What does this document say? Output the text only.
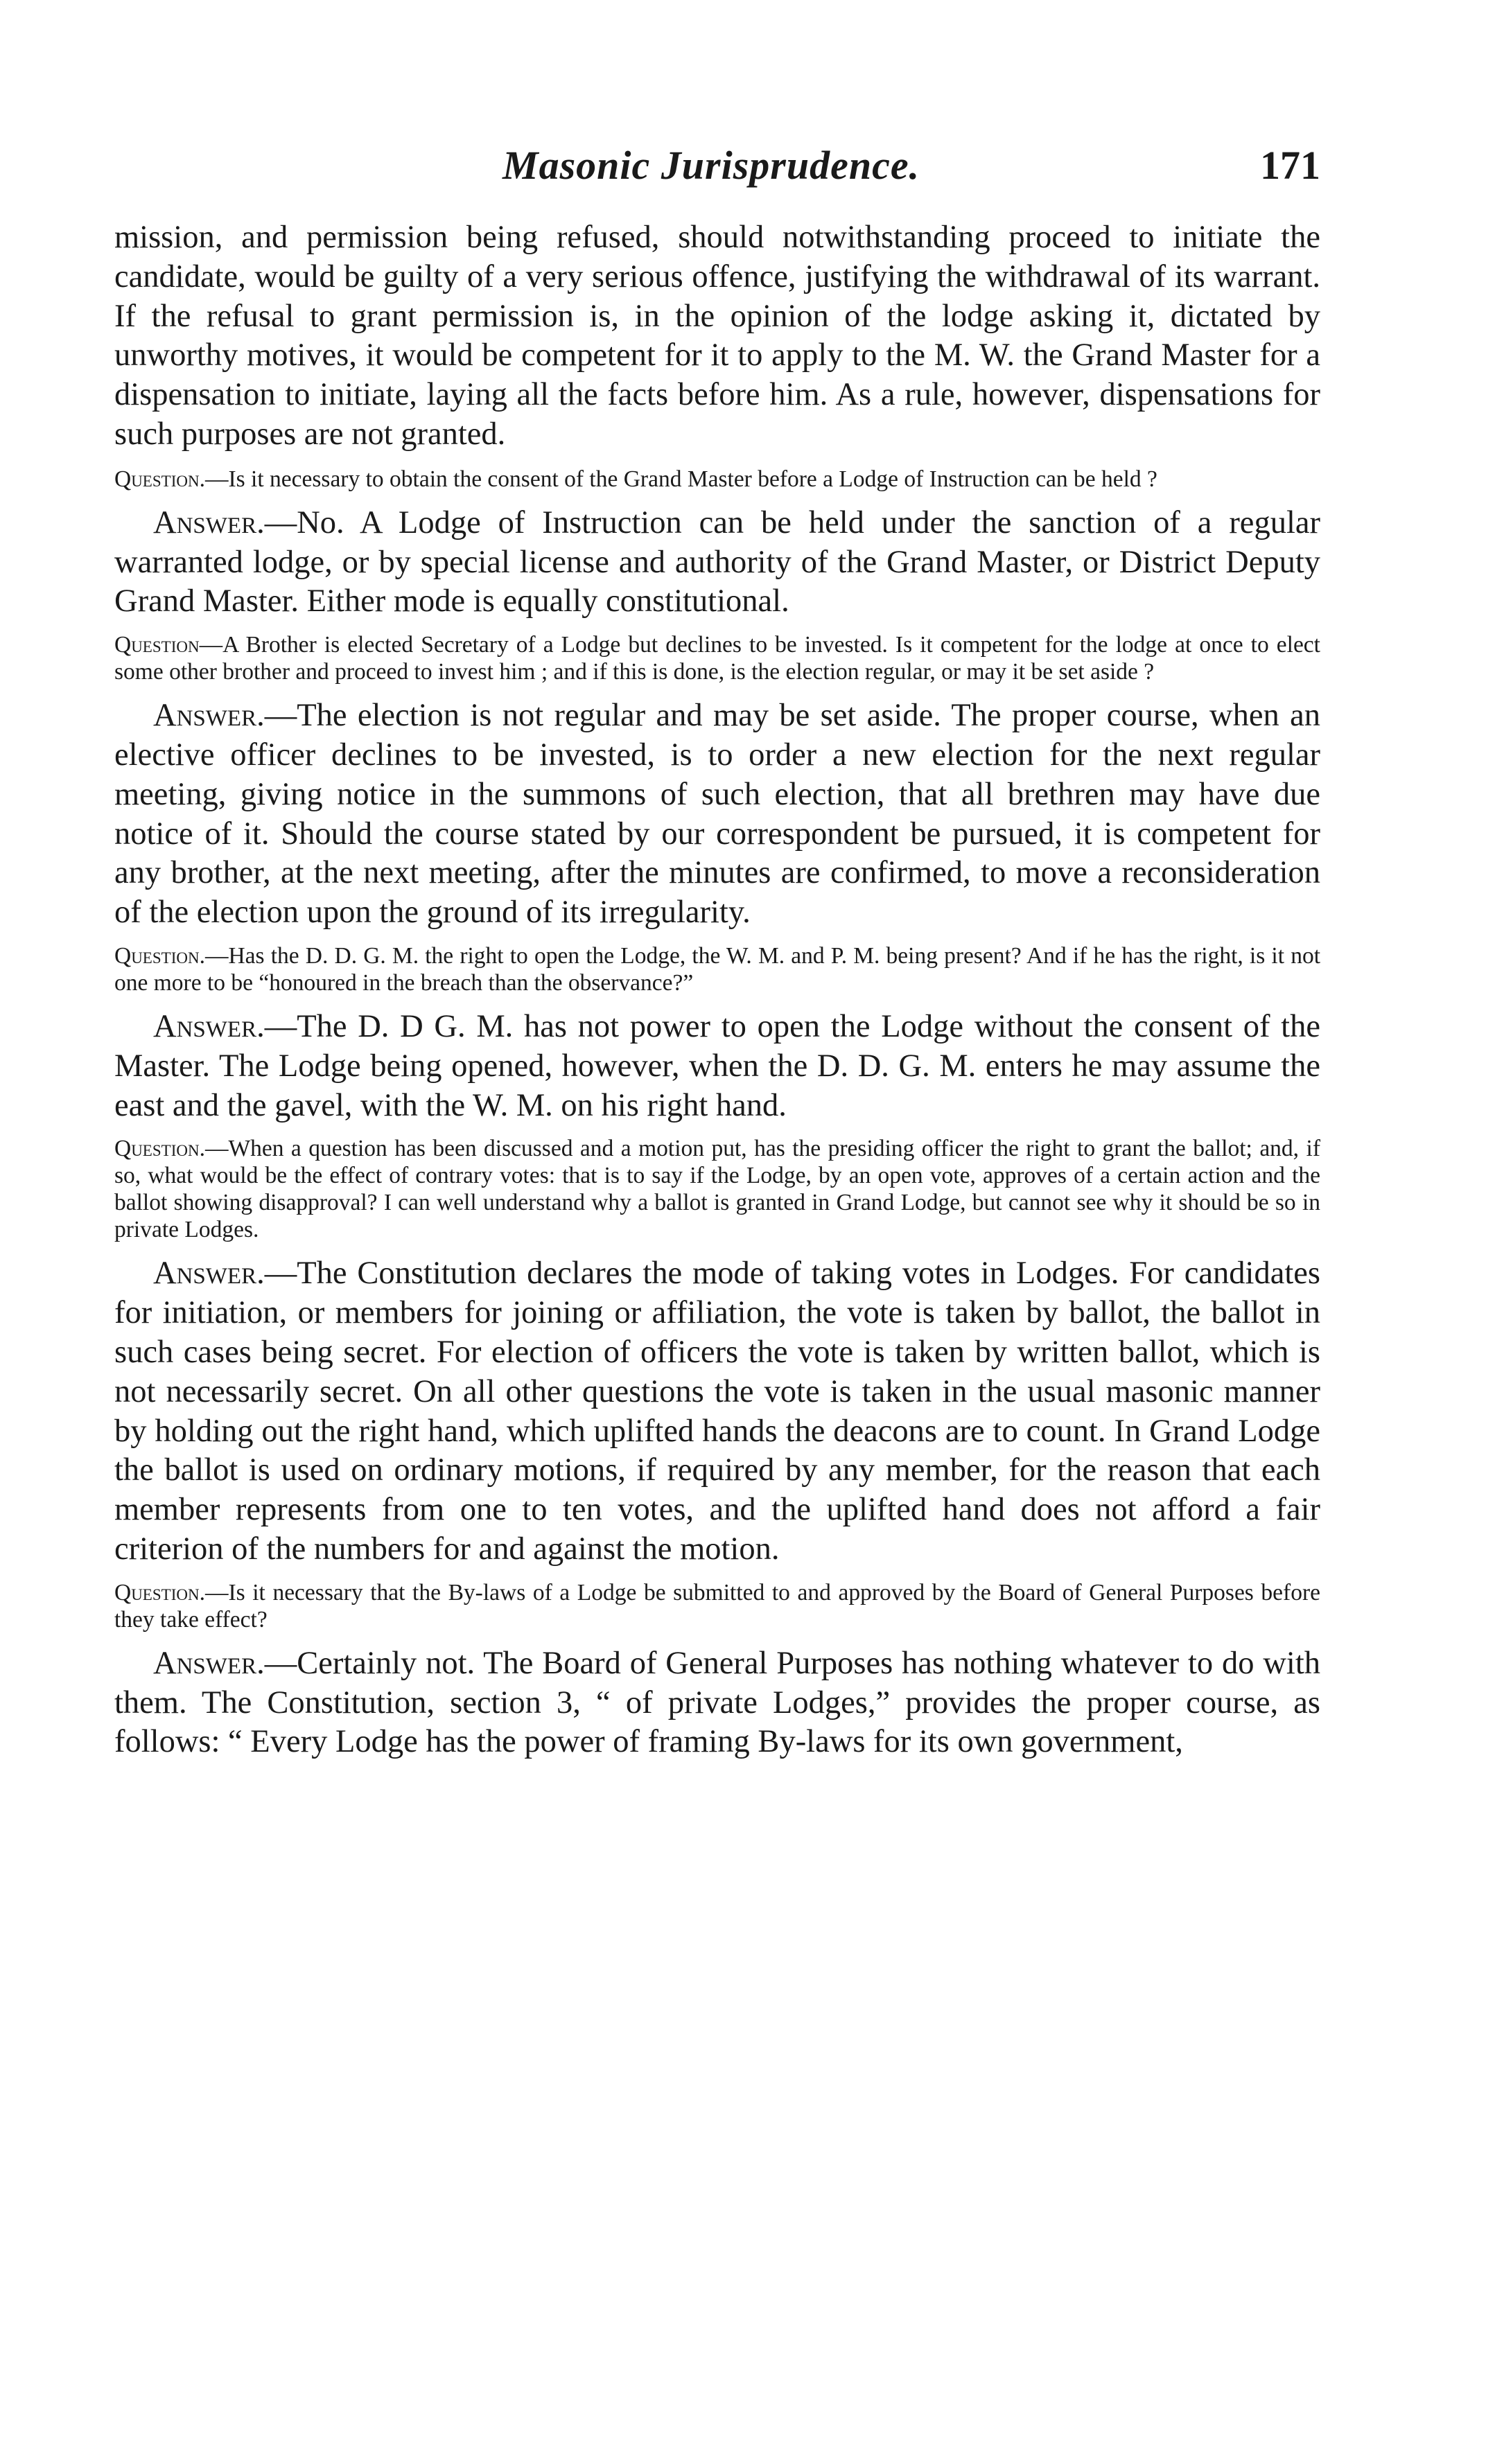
Masonic Jurisprudence.	171

mission, and permission being refused, should notwithstanding proceed to initiate the candidate, would be guilty of a very serious offence, justifying the withdrawal of its warrant. If the refusal to grant permission is, in the opinion of the lodge asking it, dictated by unworthy motives, it would be competent for it to apply to the M. W. the Grand Master for a dispensation to initiate, laying all the facts before him. As a rule, however, dispensations for such purposes are not granted.

Question.—Is it necessary to obtain the consent of the Grand Master before a Lodge of Instruction can be held ?

Answer.—No. A Lodge of Instruction can be held under the sanction of a regular warranted lodge, or by special license and authority of the Grand Master, or District Deputy Grand Master. Either mode is equally constitutional.

Question—A Brother is elected Secretary of a Lodge but declines to be invested. Is it competent for the lodge at once to elect some other brother and proceed to invest him ; and if this is done, is the election regular, or may it be set aside ?

Answer.—The election is not regular and may be set aside. The proper course, when an elective officer declines to be invested, is to order a new election for the next regular meeting, giving notice in the summons of such election, that all brethren may have due notice of it. Should the course stated by our correspondent be pursued, it is competent for any brother, at the next meeting, after the minutes are confirmed, to move a reconsideration of the election upon the ground of its irregularity.

Question.—Has the D. D. G. M. the right to open the Lodge, the W. M. and P. M. being present? And if he has the right, is it not one more to be “honoured in the breach than the observance?”

Answer.—The D. D G. M. has not power to open the Lodge without the consent of the Master. The Lodge being opened, however, when the D. D. G. M. enters he may assume the east and the gavel, with the W. M. on his right hand.

Question.—When a question has been discussed and a motion put, has the presiding officer the right to grant the ballot; and, if so, what would be the effect of contrary votes: that is to say if the Lodge, by an open vote, approves of a certain action and the ballot showing disapproval? I can well understand why a ballot is granted in Grand Lodge, but cannot see why it should be so in private Lodges.

Answer.—The Constitution declares the mode of taking votes in Lodges. For candidates for initiation, or members for joining or affiliation, the vote is taken by ballot, the ballot in such cases being secret. For election of officers the vote is taken by written ballot, which is not necessarily secret. On all other questions the vote is taken in the usual masonic manner by holding out the right hand, which uplifted hands the deacons are to count. In Grand Lodge the ballot is used on ordinary motions, if required by any member, for the reason that each member represents from one to ten votes, and the uplifted hand does not afford a fair criterion of the numbers for and against the motion.

Question.—Is it necessary that the By-laws of a Lodge be submitted to and approved by the Board of General Purposes before they take effect?

Answer.—Certainly not. The Board of General Purposes has nothing whatever to do with them. The Constitution, section 3, “ of private Lodges,” provides the proper course, as follows: “ Every Lodge has the power of framing By-laws for its own government,
